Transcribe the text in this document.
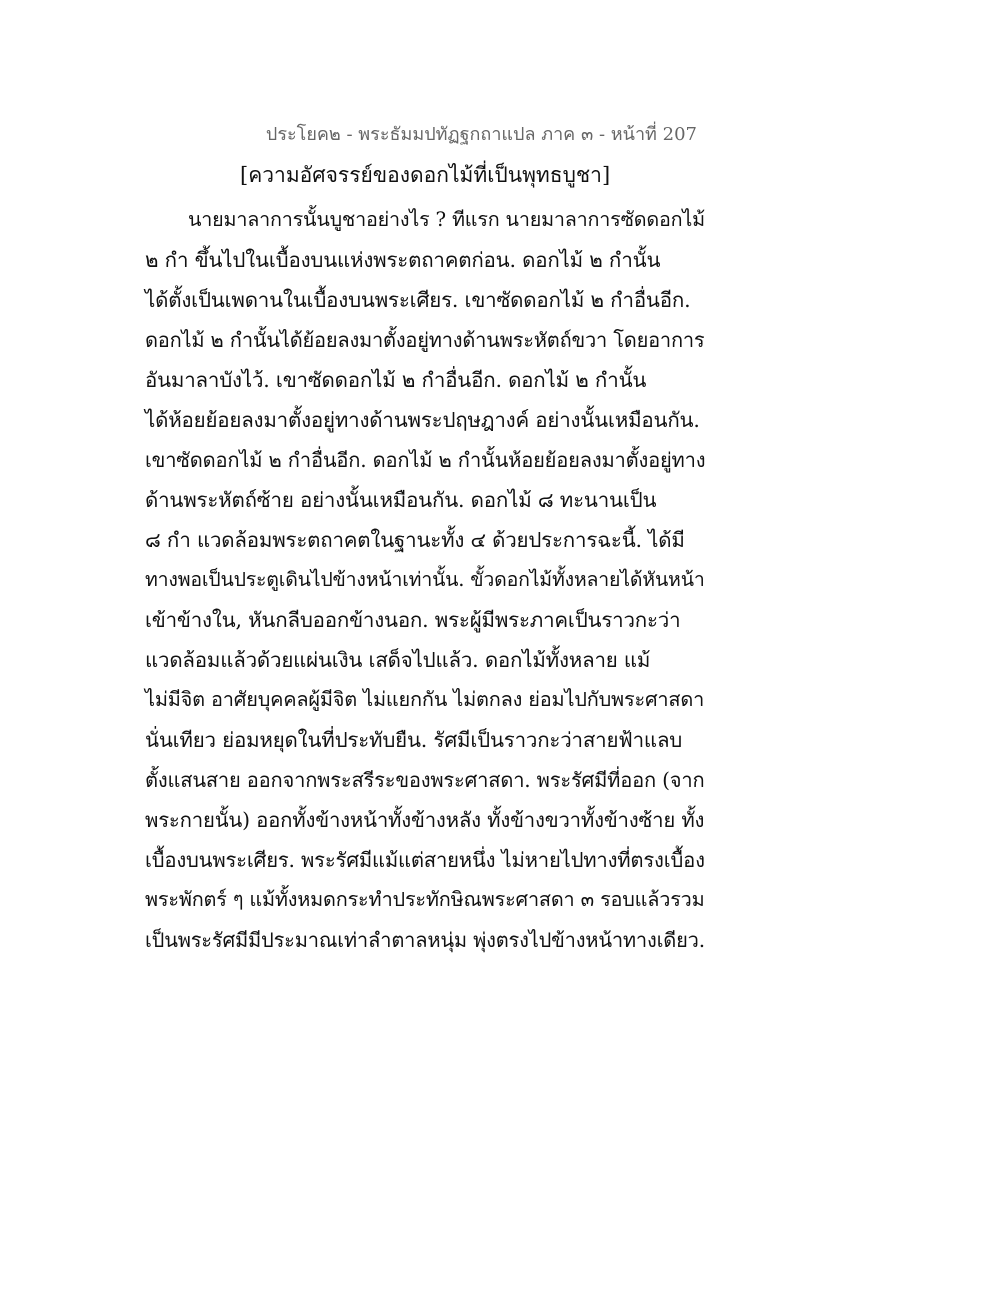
ประโยค๒ - พระธัมมปทัฏฐกถาแปล ภาค ๓ - หน้าที่ 207
[ความอัศจรรย์ของดอกไม้ที่เป็นพุทธบูชา]
นายมาลาการนั้นบูชาอย่างไร ? ทีแรก นายมาลาการซัดดอกไม้
๒ กำ ขึ้นไปในเบื้องบนแห่งพระตถาคตก่อน. ดอกไม้ ๒ กำนั้น
ได้ตั้งเป็นเพดานในเบื้องบนพระเศียร. เขาซัดดอกไม้ ๒ กำอื่นอีก.
ดอกไม้ ๒ กำนั้นได้ย้อยลงมาตั้งอยู่ทางด้านพระหัตถ์ขวา โดยอาการ
อันมาลาบังไว้. เขาซัดดอกไม้ ๒ กำอื่นอีก. ดอกไม้ ๒ กำนั้น
ได้ห้อยย้อยลงมาตั้งอยู่ทางด้านพระปฤษฎางค์ อย่างนั้นเหมือนกัน.
เขาซัดดอกไม้ ๒ กำอื่นอีก. ดอกไม้ ๒ กำนั้นห้อยย้อยลงมาตั้งอยู่ทาง
ด้านพระหัตถ์ซ้าย อย่างนั้นเหมือนกัน. ดอกไม้ ๘ ทะนานเป็น
๘ กำ แวดล้อมพระตถาคตในฐานะทั้ง ๔ ด้วยประการฉะนี้. ได้มี
ทางพอเป็นประตูเดินไปข้างหน้าเท่านั้น. ขั้วดอกไม้ทั้งหลายได้หันหน้า
เข้าข้างใน, หันกลีบออกข้างนอก. พระผู้มีพระภาคเป็นราวกะว่า
แวดล้อมแล้วด้วยแผ่นเงิน เสด็จไปแล้ว. ดอกไม้ทั้งหลาย แม้
ไม่มีจิต อาศัยบุคคลผู้มีจิต ไม่แยกกัน ไม่ตกลง ย่อมไปกับพระศาสดา
นั่นเทียว ย่อมหยุดในที่ประทับยืน. รัศมีเป็นราวกะว่าสายฟ้าแลบ
ตั้งแสนสาย ออกจากพระสรีระของพระศาสดา. พระรัศมีที่ออก (จาก
พระกายนั้น) ออกทั้งข้างหน้าทั้งข้างหลัง ทั้งข้างขวาทั้งข้างซ้าย ทั้ง
เบื้องบนพระเศียร. พระรัศมีแม้แต่สายหนึ่ง ไม่หายไปทางที่ตรงเบื้อง
พระพักตร์ ๆ แม้ทั้งหมดกระทำประทักษิณพระศาสดา ๓ รอบแล้วรวม
เป็นพระรัศมีมีประมาณเท่าลำตาลหนุ่ม พุ่งตรงไปข้างหน้าทางเดียว.
